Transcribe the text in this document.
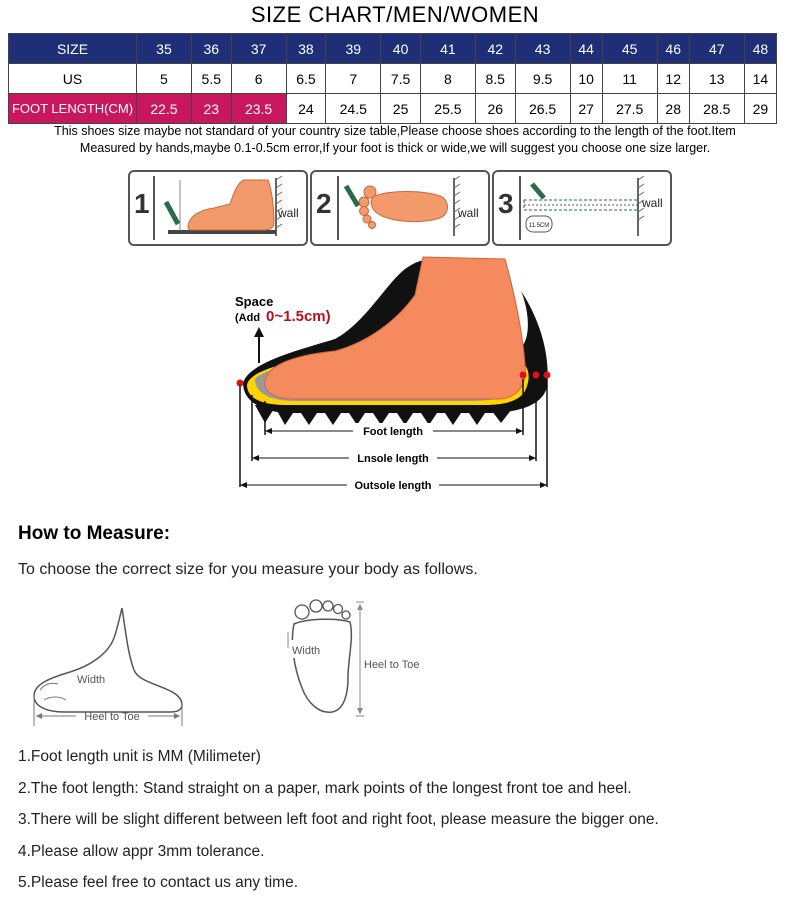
SIZE CHART/MEN/WOMEN
SIZE	35	36	37	38	39	40	41	42	43	44	45	46	47	48
US	5	5.5	6	6.5	7	7.5	8	8.5	9.5	10	11	12	13	14
FOOT LENGTH(CM)	22.5	23	23.5	24	24.5	25	25.5	26	26.5	27	27.5	28	28.5	29
This shoes size maybe not standard of your country size table,Please choose shoes according to the length of the foot.Item
Measured by hands,maybe 0.1-0.5cm error,If your foot is thick or wide,we will suggest you choose one size larger.
1	wall 2	wall 3
11.5CM
wall
Foot length
Lnsole length
Outsole length
Space
(Add 0~1.5cm)
How to Measure:
To choose the correct size for you measure your body as follows.
Width
Heel to Toe
Width
Heel to Toe
1.Foot length unit is MM (Milimeter)
2.The foot length: Stand straight on a paper, mark points of the longest front toe and heel.
3.There will be slight different between left foot and right foot, please measure the bigger one.
4.Please allow appr 3mm tolerance.
5.Please feel free to contact us any time.
